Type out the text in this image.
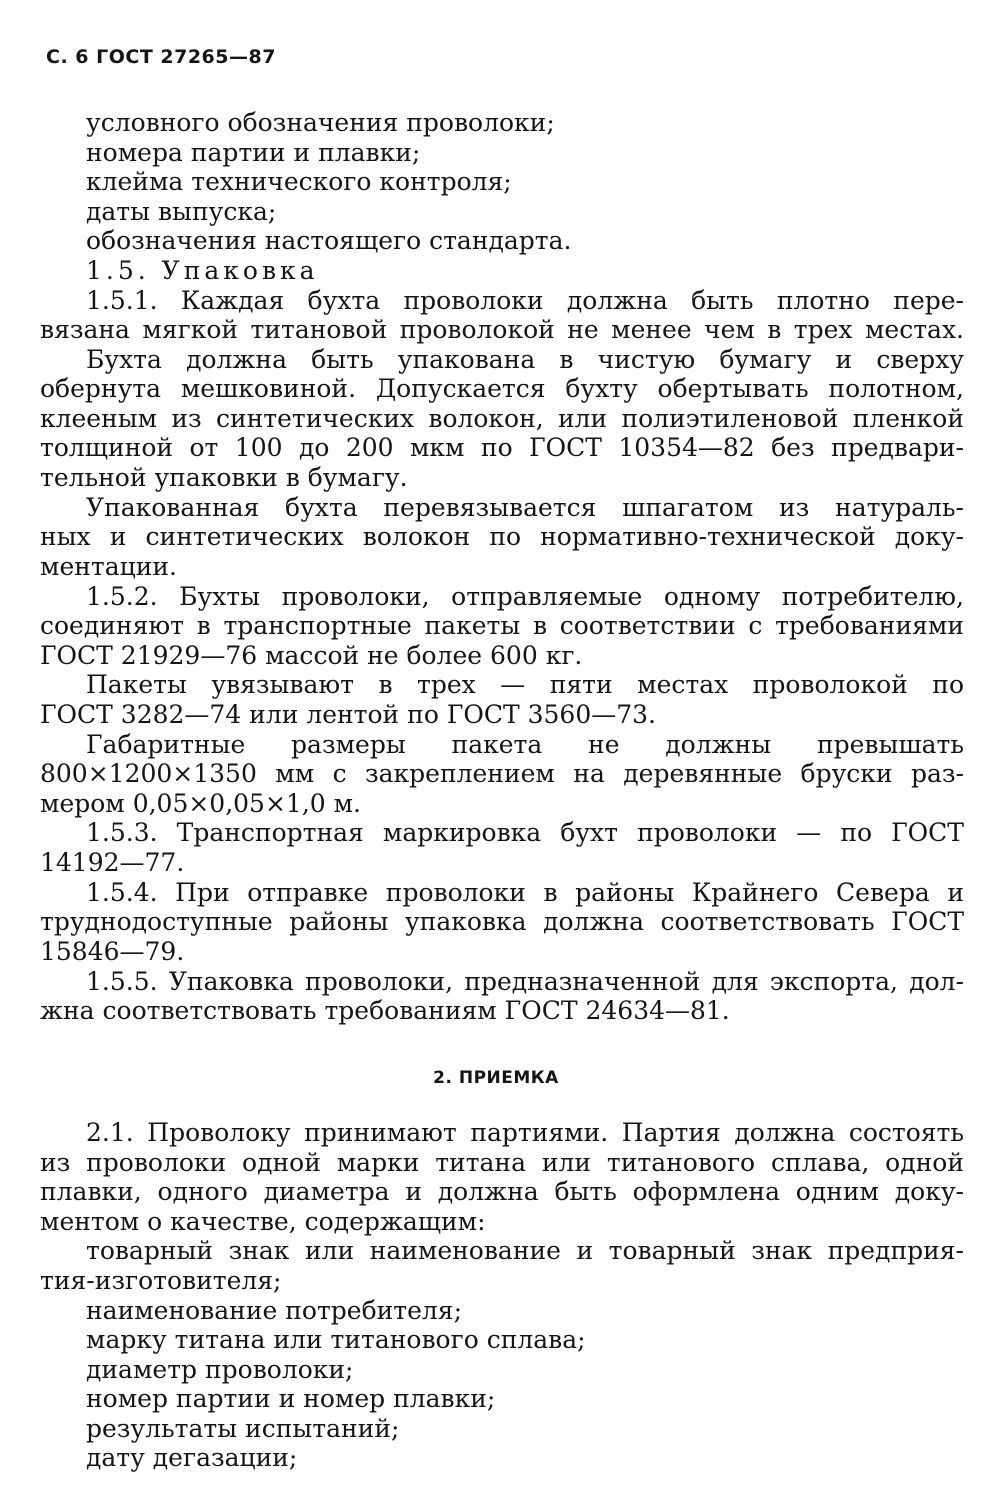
С. 6 ГОСТ 27265—87
условного обозначения проволоки;
номера партии и плавки;
клейма технического контроля;
даты выпуска;
обозначения настоящего стандарта.
1.5. Упаковка
1.5.1. Каждая бухта проволоки должна быть плотно пере-
вязана мягкой титановой проволокой не менее чем в трех местах.
Бухта должна быть упакована в чистую бумагу и сверху
обернута мешковиной. Допускается бухту обертывать полотном,
клееным из синтетических волокон, или полиэтиленовой пленкой
толщиной от 100 до 200 мкм по ГОСТ 10354—82 без предвари-
тельной упаковки в бумагу.
Упакованная бухта перевязывается шпагатом из натураль-
ных и синтетических волокон по нормативно-технической доку-
ментации.
1.5.2. Бухты проволоки, отправляемые одному потребителю,
соединяют в транспортные пакеты в соответствии с требованиями
ГОСТ 21929—76 массой не более 600 кг.
Пакеты увязывают в трех — пяти местах проволокой по
ГОСТ 3282—74 или лентой по ГОСТ 3560—73.
Габаритные размеры пакета не должны превышать
800×1200×1350 мм с закреплением на деревянные бруски раз-
мером 0,05×0,05×1,0 м.
1.5.3. Транспортная маркировка бухт проволоки — по ГОСТ
14192—77.
1.5.4. При отправке проволоки в районы Крайнего Севера и
труднодоступные районы упаковка должна соответствовать ГОСТ
15846—79.
1.5.5. Упаковка проволоки, предназначенной для экспорта, дол-
жна соответствовать требованиям ГОСТ 24634—81.
2. ПРИЕМКА
2.1. Проволоку принимают партиями. Партия должна состоять
из проволоки одной марки титана или титанового сплава, одной
плавки, одного диаметра и должна быть оформлена одним доку-
ментом о качестве, содержащим:
товарный знак или наименование и товарный знак предприя-
тия-изготовителя;
наименование потребителя;
марку титана или титанового сплава;
диаметр проволоки;
номер партии и номер плавки;
результаты испытаний;
дату дегазации;
